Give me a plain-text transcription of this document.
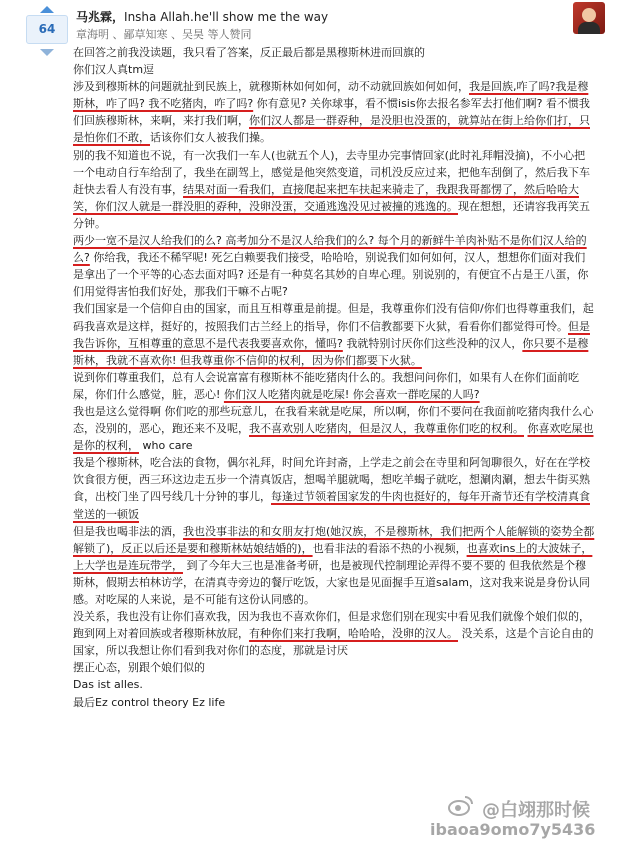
64
马兆霖，Insha Allah.he'll show me the way
章海明 、鄙草知寒 、吴昊 等人赞同

在回答之前我没读题，我只看了答案，反正最后都是黑穆斯林进而回旗的

你们汉人真tm逗

涉及到穆斯林的问题就扯到民族上，就穆斯林如何如何，动不动就回族如何如何，我是回族,咋了吗?我是穆斯林，咋了吗? 我不吃猪肉，咋了吗? 你有意见? 关你球事，看不惯isis你去报名参军去打他们啊? 看不惯我们回族穆斯林，来啊，来打我们啊，你们汉人都是一群孬种，是没胆也没蛋的，就算站在街上给你们打，只是怕你们不敢，话该你们女人被我们操。

别的我不知道也不说，有一次我们一车人(也就五个人)，去寺里办完事情回家(此时礼拜帽没摘)，不小心把一个电动自行车给刮了，我坐在副驾上，感觉是他突然变道，司机没反应过来，把他车刮倒了，然后我下车赶快去看人有没有事，结果对面一看我们，直接爬起来把车扶起来骑走了，我跟我哥都愣了，然后哈哈大笑，你们汉人就是一群没胆的孬种，没卵没蛋，交通逃逸没见过被撞的逃逸的。现在想想，还请容我再笑五分钟。

两少一宽不是汉人给我们的么? 高考加分不是汉人给我们的么? 每个月的新鲜牛羊肉补贴不是你们汉人给的么? 你给我，我还不稀罕呢! 死乞白赖要我们接受，哈哈哈，别说我们如何如何，汉人，想想你们面对我们是拿出了一个平等的心态去面对吗? 还是有一种莫名其妙的自卑心理。别说别的，有便宜不占是王八蛋，你们用觉得害怕我们好处，那我们干嘛不占呢?

我们国家是一个信仰自由的国家，而且互相尊重是前提。但是，我尊重你们没有信仰/你们也得尊重我们，起码我喜欢是这样，挺好的，按照我们古兰经上的指导，你们不信教都要下火狱，看看你们都觉得可怜。但是我告诉你，互相尊重的意思不是代表我要喜欢你，懂吗? 我就特别讨厌你们这些没种的汉人，你只要不是穆斯林，我就不喜欢你! 但我尊重你不信仰的权利，因为你们都要下火狱。

说到你们尊重我们，总有人会说富富有穆斯林不能吃猪肉什么的。我想问问你们，如果有人在你们面前吃屎，你们什么感觉，脏，恶心! 你们汉人吃猪肉就是吃屎! 你会喜欢一群吃屎的人吗?

我也是这么觉得啊 你们吃的那些玩意儿，在我看来就是吃屎，所以啊，你们不要问在我面前吃猪肉我什么心态，没别的，恶心，跑还来不及呢，我不喜欢别人吃猪肉，但是汉人，我尊重你们吃的权利。 你喜欢吃屎也是你的权利， who care

我是个穆斯林，吃合法的食物，偶尔礼拜，时间允许封斋，上学走之前会在寺里和阿訇聊很久，好在在学校饮食很方便，西三环这边走五步一个清真饭店，想喝羊腿就喝，想吃羊蝎子就吃，想涮肉涮，想去牛街买熟食，出校门坐了四号线几十分钟的事儿，每逢过节领着国家发的牛肉也挺好的，每年开斋节还有学校清真食堂送的一顿饭

但是我也喝非法的酒，我也没事非法的和女朋友打炮(她汉族，不是穆斯林，我们把两个人能解锁的姿势全都解锁了)，反正以后还是要和穆斯林姑娘结婚的)，也看非法的看添不热的小视频，也喜欢ins上的大波妹子，上大学也是连玩带学， 到了今年大三也是准备考研，也是被现代控制理论弄得不要不要的 但我依然是个穆斯林，假期去柏林访学，在清真寺旁边的餐厅吃饭，大家也是见面握手互道salam，这对我来说是身份认同感。对吃屎的人来说，是不可能有这份认同感的。

没关系，我也没有让你们喜欢我，因为我也不喜欢你们，但是求您们别在现实中看见我们就像个娘们似的，跑到网上对着回族或者穆斯林放屁，有种你们来打我啊，哈哈哈，没卵的汉人。 没关系，这是个言论自由的国家，所以我想让你们看到我对你们的态度，那就是讨厌

摆正心态，别跟个娘们似的

Das ist alles.

最后Ez control theory Ez life

@白翊那时候
ibaoa9omo7y5436
